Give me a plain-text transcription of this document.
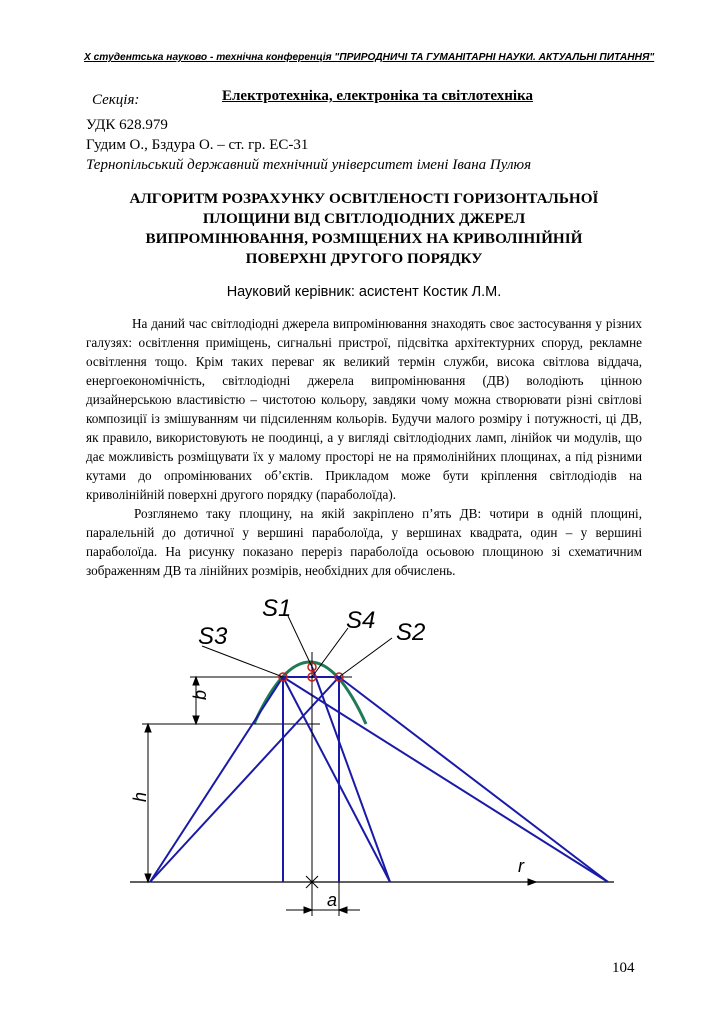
X студентська науково - технічна конференція "ПРИРОДНИЧІ ТА ГУМАНІТАРНІ НАУКИ. АКТУАЛЬНІ ПИТАННЯ"
Секція:	Електротехніка, електроніка та світлотехніка
УДК 628.979
Гудим О., Бздура О. – ст. гр. ЕС-31
Тернопільський державний технічний університет імені Івана Пулюя
АЛГОРИТМ РОЗРАХУНКУ ОСВІТЛЕНОСТІ ГОРИЗОНТАЛЬНОЇ
ПЛОЩИНИ ВІД СВІТЛОДІОДНИХ ДЖЕРЕЛ
ВИПРОМІНЮВАННЯ, РОЗМІЩЕНИХ НА КРИВОЛІНІЙНІЙ
ПОВЕРХНІ ДРУГОГО ПОРЯДКУ
Науковий керівник: асистент Костик Л.М.

На даний час світлодіодні джерела випромінювання знаходять своє застосування у різних галузях: освітлення приміщень, сигнальні пристрої, підсвітка архітектурних споруд, рекламне освітлення тощо. Крім таких переваг як великий термін служби, висока світлова віддача, енергоекономічність, світлодіодні джерела випромінювання (ДВ) володіють цінною дизайнерською властивістю – чистотою кольору, завдяки чому можна створювати різні світлові композиції із змішуванням чи підсиленням кольорів. Будучи малого розміру і потужності, ці ДВ, як правило, використовують не поодинці, а у вигляді світлодіодних ламп, лінійок чи модулів, що дає можливість розміщувати їх у малому просторі не на прямолінійних площинах, а під різними кутами до опромінюваних об’єктів. Прикладом може бути кріплення світлодіодів на криволінійній поверхні другого порядку (параболоїда).

Розглянемо таку площину, на якій закріплено п’ять ДВ: чотири в одній площині, паралельній до дотичної у вершині параболоїда, у вершинах квадрата, один – у вершині параболоїда. На рисунку показано переріз параболоїда осьовою площиною зі схематичним зображенням ДВ та лінійних розмірів, необхідних для обчислень.

S3
S1 S4 S2
b
h
r
a
104
